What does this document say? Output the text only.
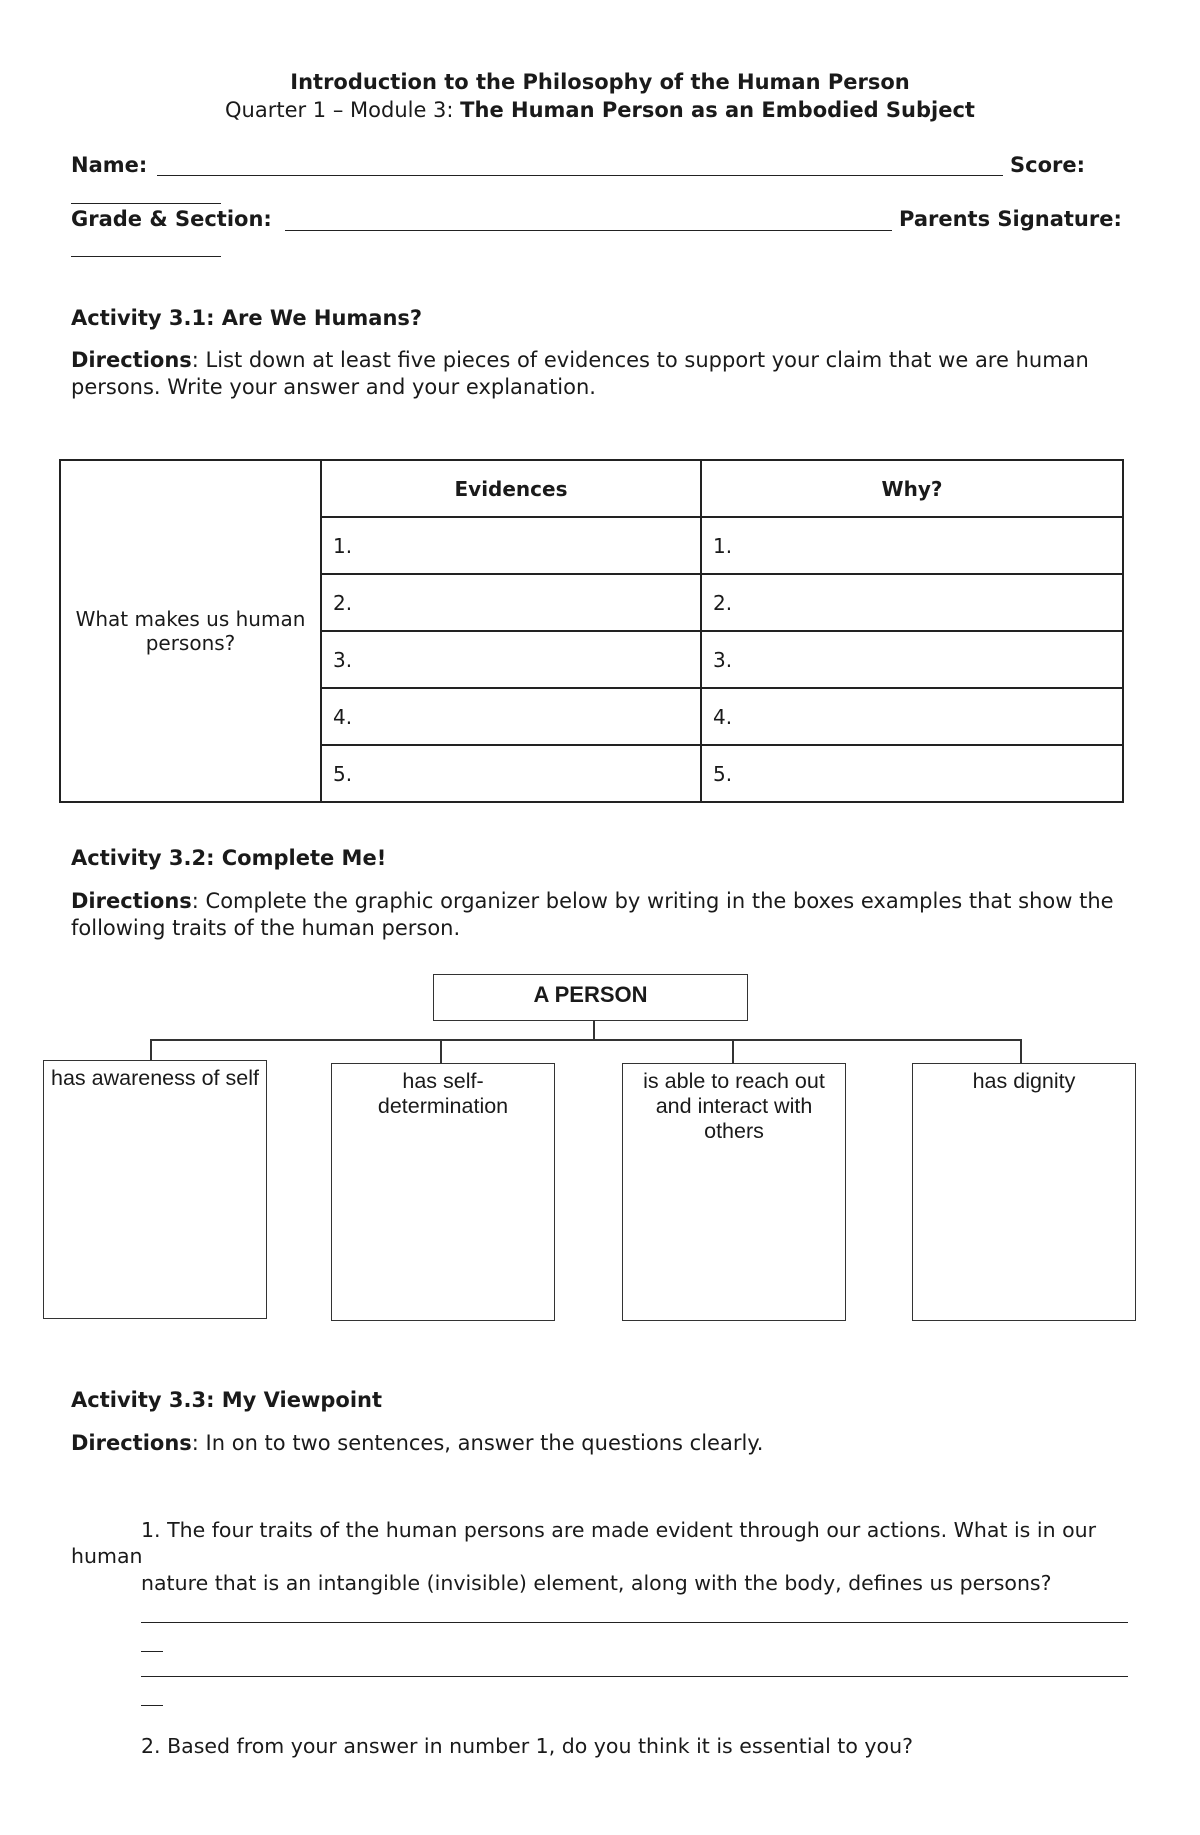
Introduction to the Philosophy of the Human Person
Quarter 1 – Module 3: The Human Person as an Embodied Subject
Name:	Score:
Grade & Section:	Parents Signature:
Activity 3.1: Are We Humans?
Directions: List down at least five pieces of evidences to support your claim that we are human persons. Write your answer and your explanation.
What makes us human persons?	Evidences	Why?
	1.	1.
	2.	2.
	3.	3.
	4.	4.
	5.	5.
Activity 3.2: Complete Me!
Directions: Complete the graphic organizer below by writing in the boxes examples that show the following traits of the human person.
A PERSON
has awareness of self	has self-determination
is able to reach out and interact with others
has dignity
Activity 3.3: My Viewpoint
Directions: In on to two sentences, answer the questions clearly.
1. The four traits of the human persons are made evident through our actions. What is in our human
nature that is an intangible (invisible) element, along with the body, defines us persons?
2. Based from your answer in number 1, do you think it is essential to you?
